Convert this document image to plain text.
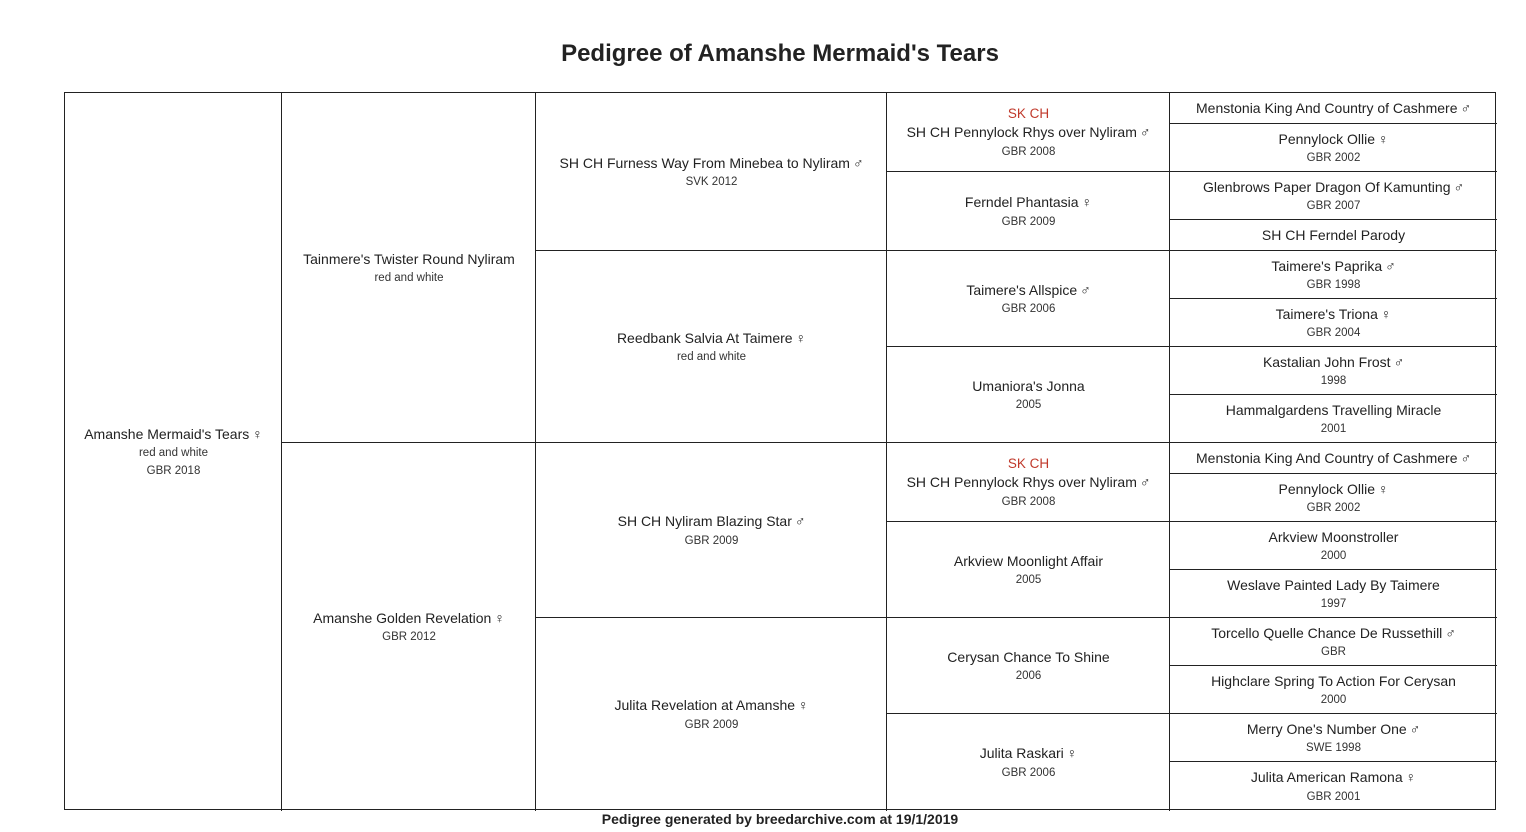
Pedigree of Amanshe Mermaid's Tears
Amanshe Mermaid's Tears ♀
red and white
GBR 2018
Tainmere's Twister Round Nyliram
red and white
Amanshe Golden Revelation ♀
GBR 2012
SH CH Furness Way From Minebea to Nyliram ♂
SVK 2012
Reedbank Salvia At Taimere ♀
red and white
SH CH Nyliram Blazing Star ♂
GBR 2009
Julita Revelation at Amanshe ♀
GBR 2009
SK CH
SH CH Pennylock Rhys over Nyliram ♂
GBR 2008
Ferndel Phantasia ♀
GBR 2009
Taimere's Allspice ♂
GBR 2006
Umaniora's Jonna
2005
SK CH
SH CH Pennylock Rhys over Nyliram ♂
GBR 2008
Arkview Moonlight Affair
2005
Cerysan Chance To Shine
2006
Julita Raskari ♀
GBR 2006
Menstonia King And Country of Cashmere ♂
Pennylock Ollie ♀
GBR 2002
Glenbrows Paper Dragon Of Kamunting ♂
GBR 2007
SH CH Ferndel Parody
Taimere's Paprika ♂
GBR 1998
Taimere's Triona ♀
GBR 2004
Kastalian John Frost ♂
1998
Hammalgardens Travelling Miracle
2001
Menstonia King And Country of Cashmere ♂
Pennylock Ollie ♀
GBR 2002
Arkview Moonstroller
2000
Weslave Painted Lady By Taimere
1997
Torcello Quelle Chance De Russethill ♂
GBR
Highclare Spring To Action For Cerysan
2000
Merry One's Number One ♂
SWE 1998
Julita American Ramona ♀
GBR 2001
Pedigree generated by breedarchive.com at 19/1/2019
